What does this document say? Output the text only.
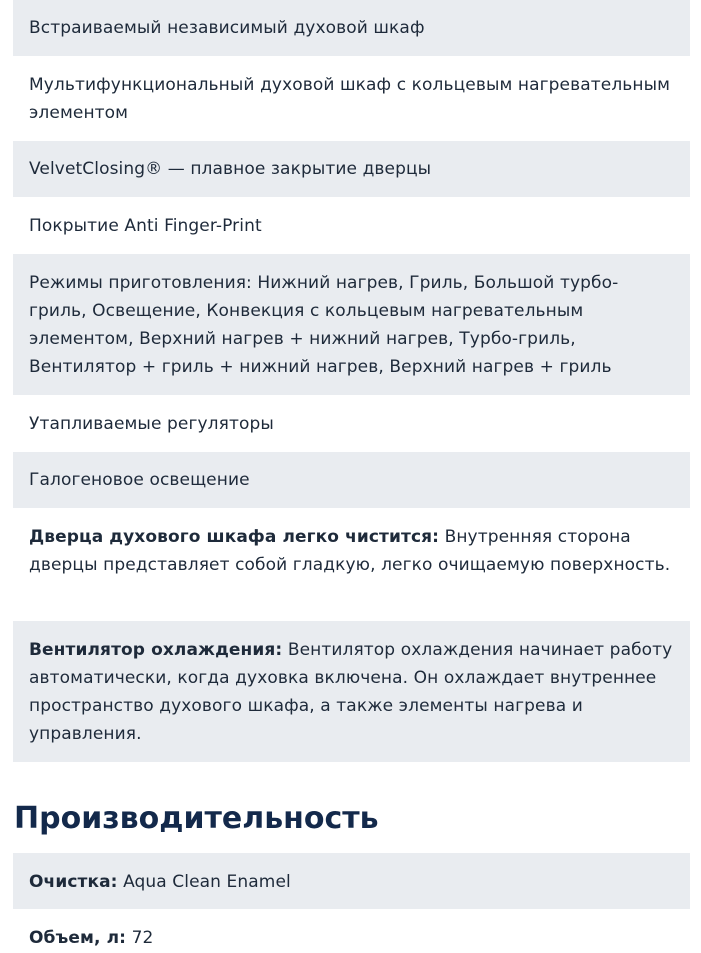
Встраиваемый независимый духовой шкаф
Мультифункциональный духовой шкаф с кольцевым нагревательным элементом
VelvetClosing® — плавное закрытие дверцы
Покрытие Anti Finger-Print
Режимы приготовления: Нижний нагрев, Гриль, Большой турбо-гриль, Освещение, Конвекция с кольцевым нагревательным элементом, Верхний нагрев + нижний нагрев, Турбо-гриль, Вентилятор + гриль + нижний нагрев, Верхний нагрев + гриль
Утапливаемые регуляторы
Галогеновое освещение
Дверца духового шкафа легко чистится: Внутренняя сторона дверцы представляет собой гладкую, легко очищаемую поверхность.
Вентилятор охлаждения: Вентилятор охлаждения начинает работу автоматически, когда духовка включена. Он охлаждает внутреннее пространство духового шкафа, а также элементы нагрева и управления.
Производительность
Очистка: Aqua Clean Enamel
Объем, л: 72
